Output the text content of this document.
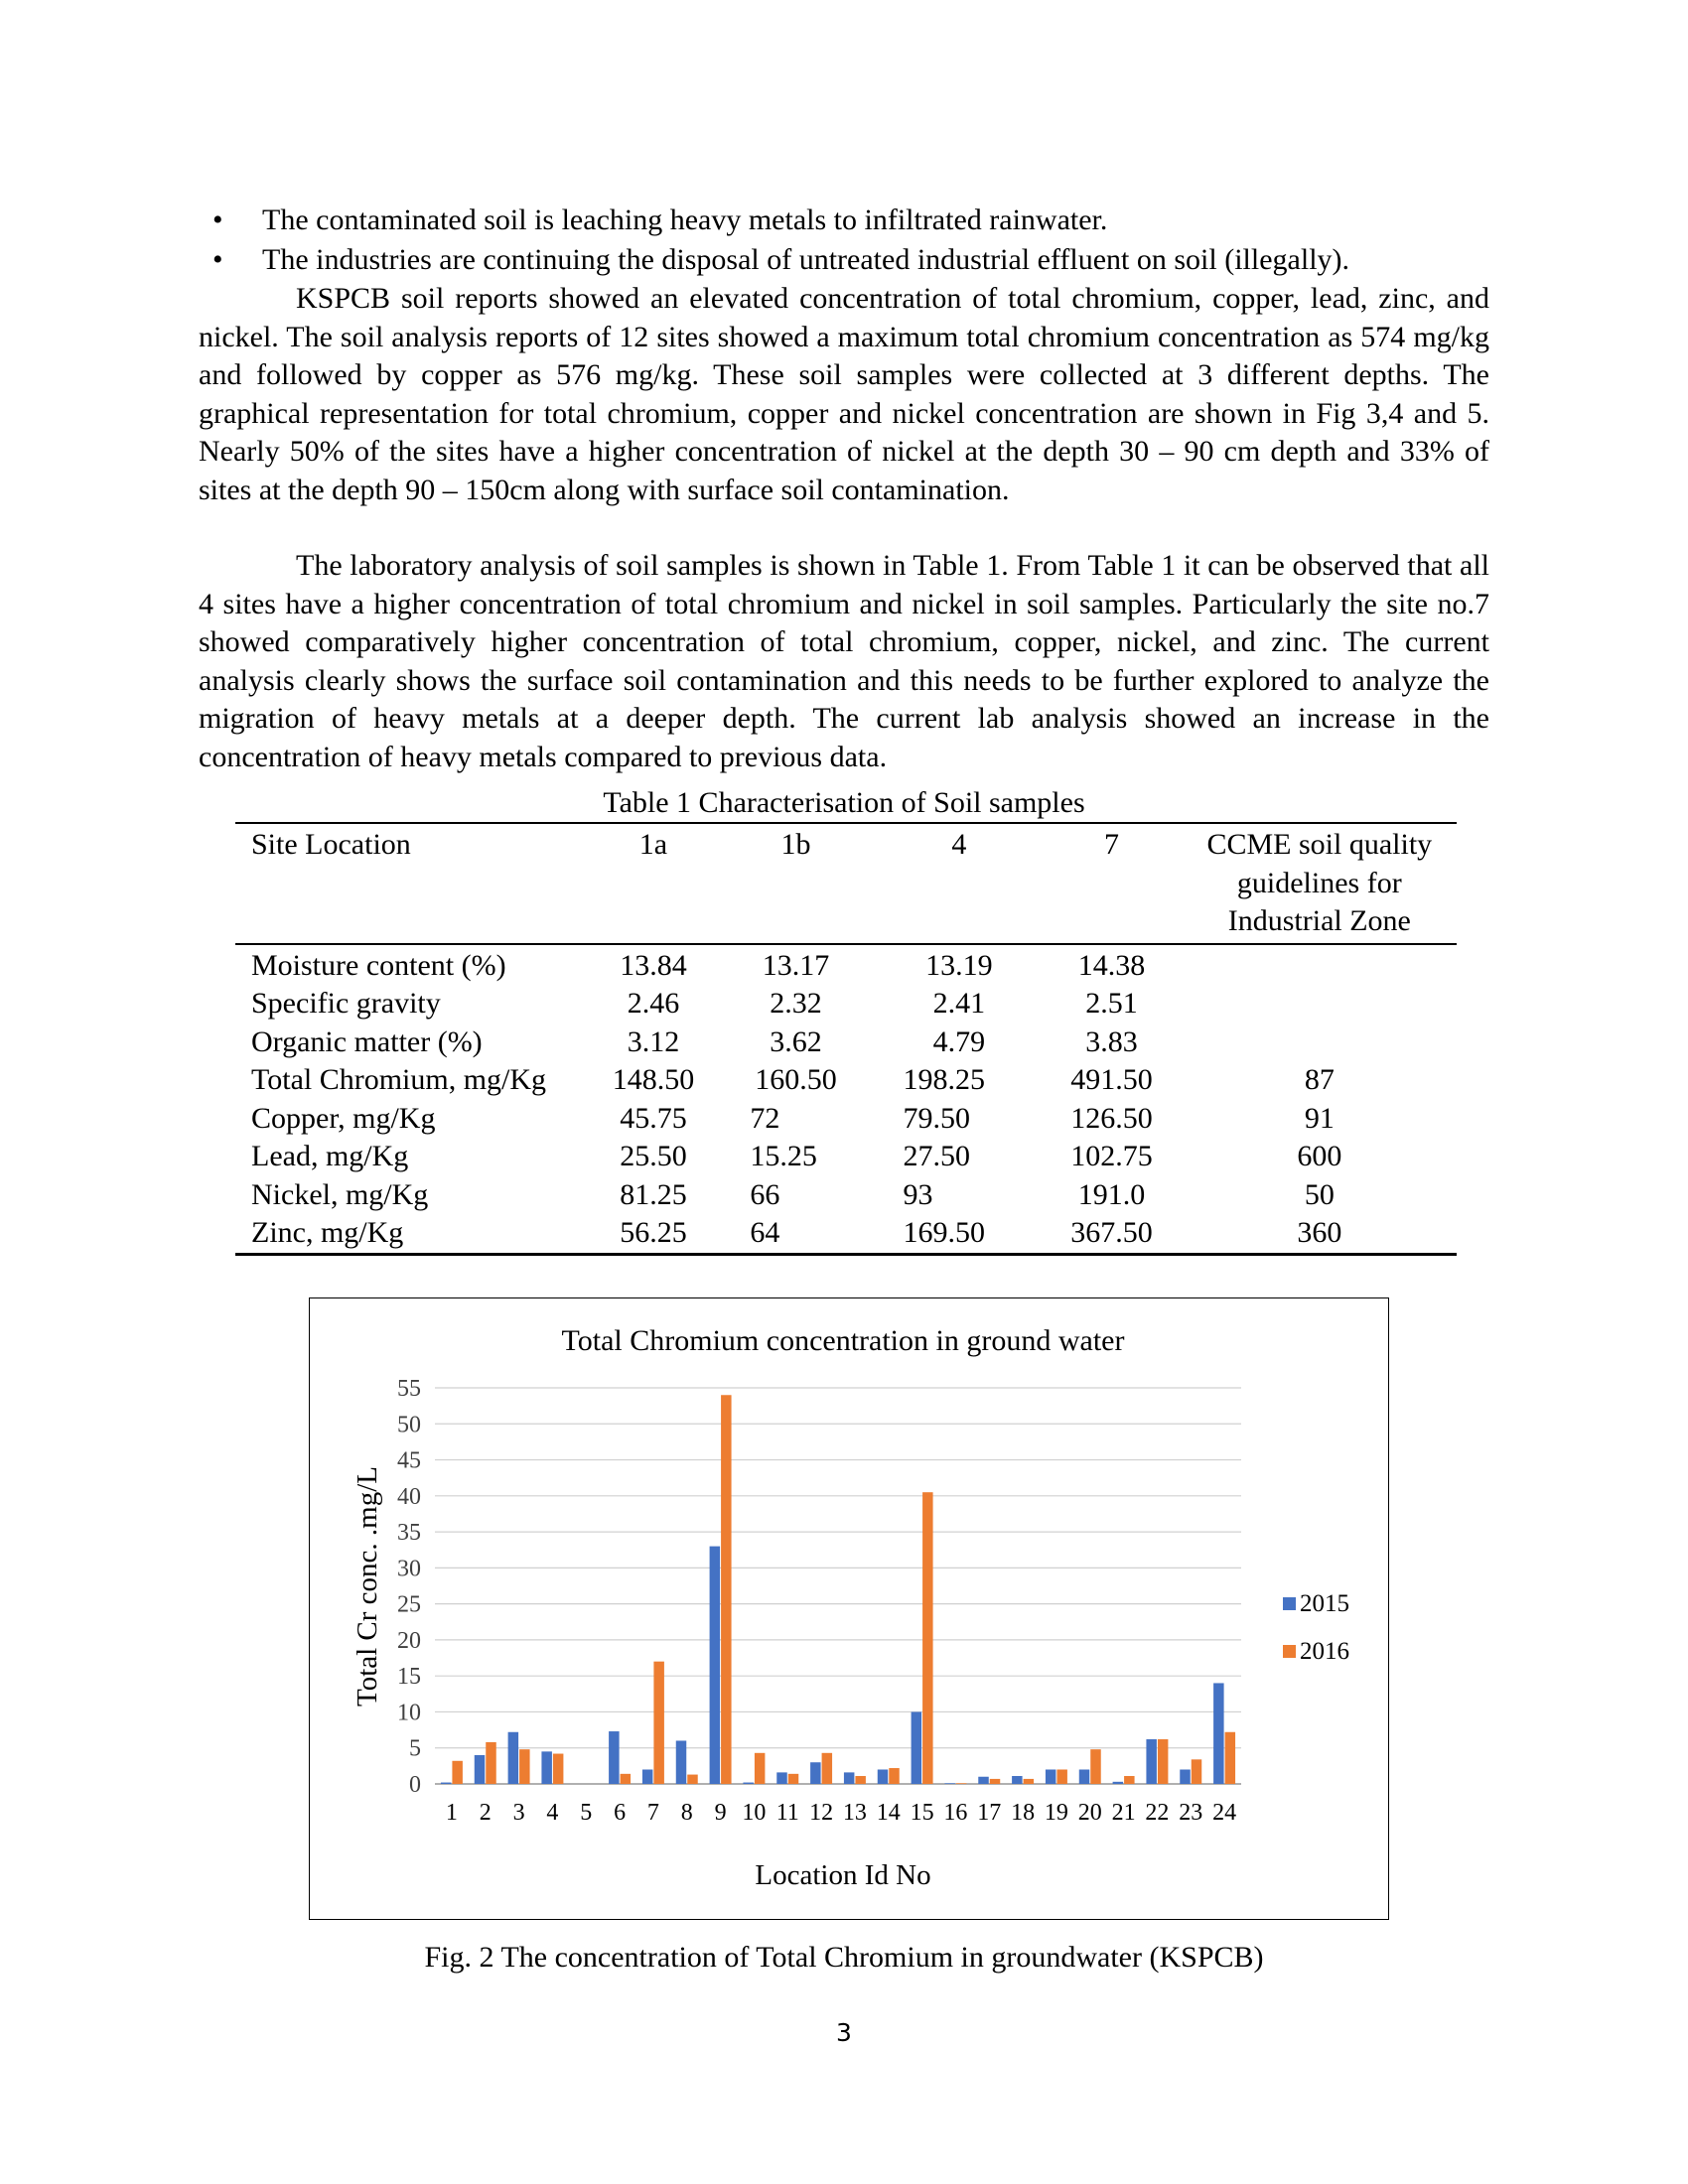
• The contaminated soil is leaching heavy metals to infiltrated rainwater.

• The industries are continuing the disposal of untreated industrial effluent on soil (illegally).

KSPCB soil reports showed an elevated concentration of total chromium, copper, lead, zinc, and nickel. The soil analysis reports of 12 sites showed a maximum total chromium concentration as 574 mg/kg and followed by copper as 576 mg/kg. These soil samples were collected at 3 different depths. The graphical representation for total chromium, copper and nickel concentration are shown in Fig 3,4 and 5. Nearly 50% of the sites have a higher concentration of nickel at the depth 30 – 90 cm depth and 33% of sites at the depth 90 – 150cm along with surface soil contamination.

The laboratory analysis of soil samples is shown in Table 1. From Table 1 it can be observed that all 4 sites have a higher concentration of total chromium and nickel in soil samples. Particularly the site no.7 showed comparatively higher concentration of total chromium, copper, nickel, and zinc. The current analysis clearly shows the surface soil contamination and this needs to be further explored to analyze the migration of heavy metals at a deeper depth. The current lab analysis showed an increase in the concentration of heavy metals compared to previous data.

Table 1 Characterisation of Soil samples
Site Location	1a	1b	4	7	CCME soil quality guidelines for Industrial Zone
Moisture content (%)	13.84	13.17	13.19	14.38	
Specific gravity	2.46	2.32	2.41	2.51	
Organic matter (%)	3.12	3.62	4.79	3.83	
Total Chromium, mg/Kg	148.50	160.50	198.25	491.50	87
Copper, mg/Kg	45.75	72	79.50	126.50	91
Lead, mg/Kg	25.50	15.25	27.50	102.75	600
Nickel, mg/Kg	81.25	66	93	191.0	50
Zinc, mg/Kg	56.25	64	169.50	367.50	360
Total Chromium concentration in ground water
0
5
10
15
20
25
30
35
40
45
50
55
1 2 3 4 5 6 7 8 9 10 11 12 13 14 15 16 17 18 19 20 21 22 23 24
Location Id No
Total Cr conc. .mg/L	2015
2016
Fig. 2 The concentration of Total Chromium in groundwater (KSPCB)
3
